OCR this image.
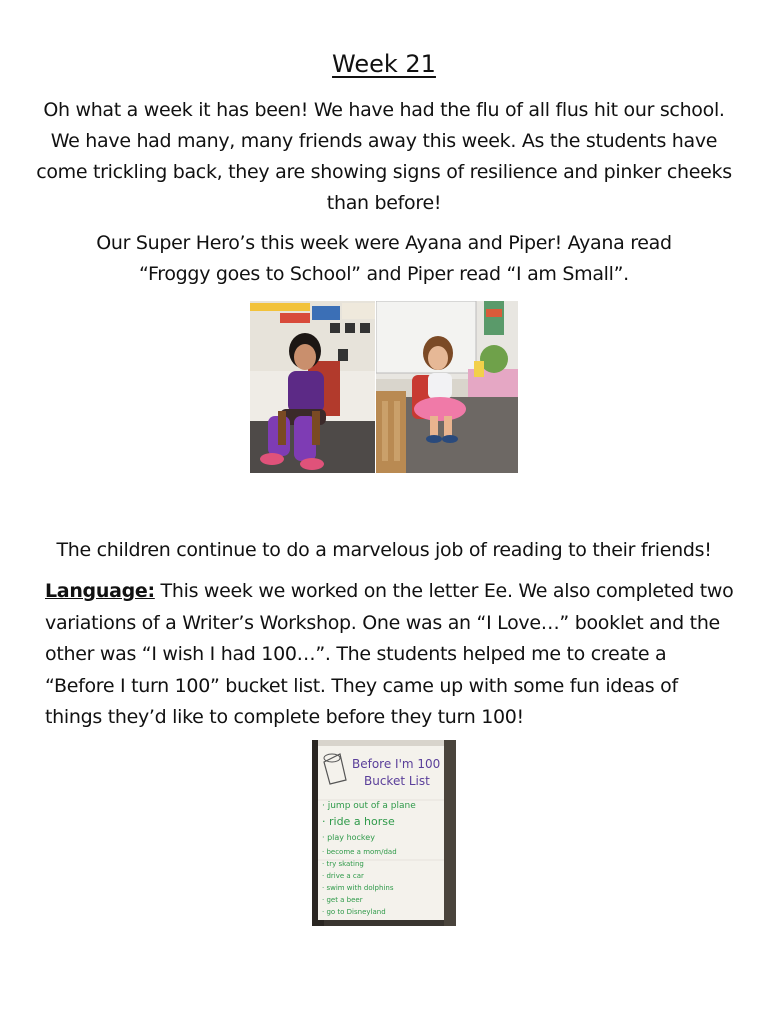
Week 21
Oh what a week it has been! We have had the flu of all flus hit our school. We have had many, many friends away this week. As the students have come trickling back, they are showing signs of resilience and pinker cheeks than before!
Our Super Hero’s this week were Ayana and Piper! Ayana read
“Froggy goes to School” and Piper read “I am Small”.
The children continue to do a marvelous job of reading to their friends!
Language: This week we worked on the letter Ee. We also completed two variations of a Writer’s Workshop. One was an “I Love…” booklet and the other was “I wish I had 100…”. The students helped me to create a “Before I turn 100” bucket list. They came up with some fun ideas of things they’d like to complete before they turn 100!
Before I'm 100
Bucket List
· jump out of a plane
· ride a horse
· play hockey
· become a mom/dad
· try skating
· drive a car
· swim with dolphins
· get a beer
· go to Disneyland
